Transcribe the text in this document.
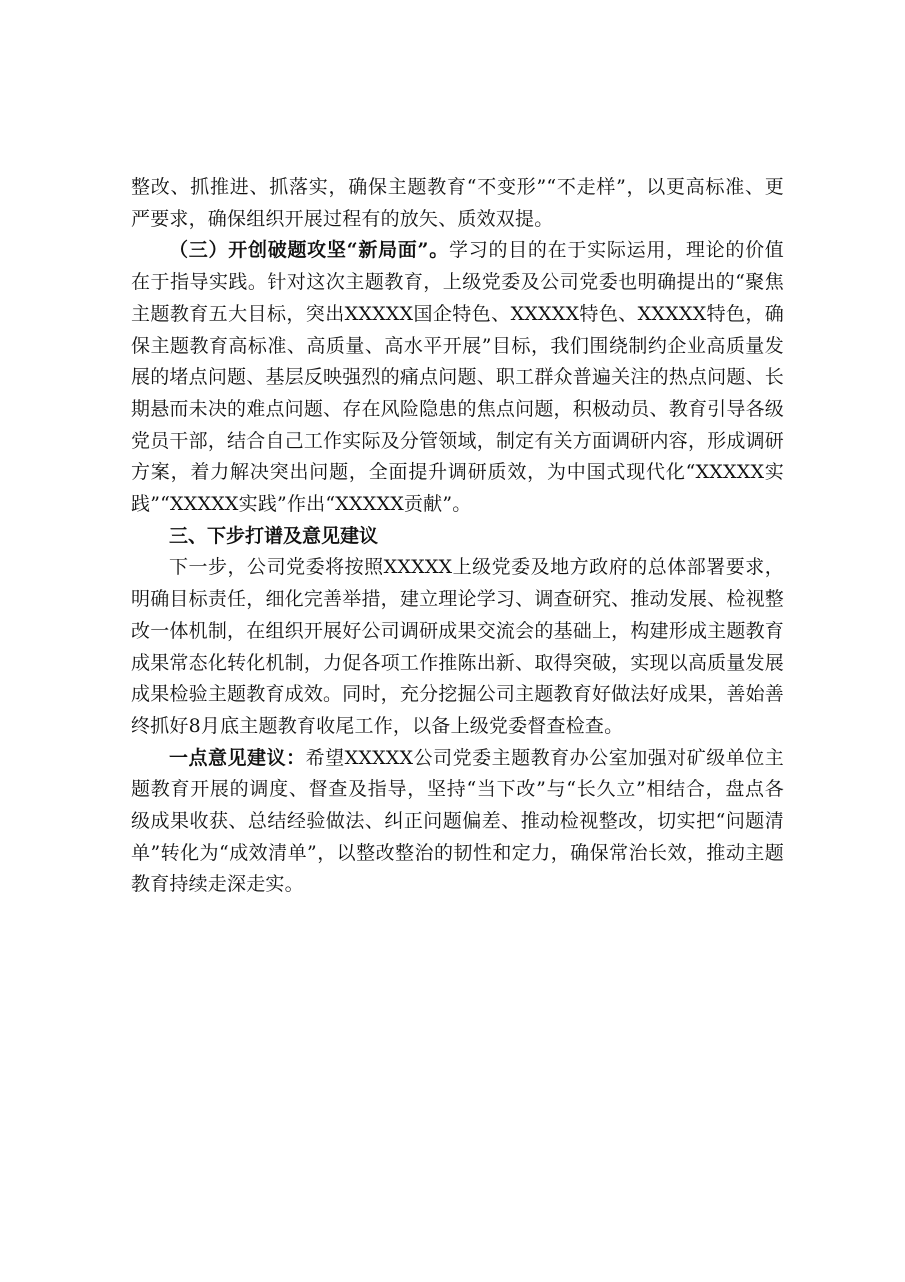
整改、抓推进、抓落实，确保主题教育“不变形”“不走样”，以更高标准、更严要求，确保组织开展过程有的放矢、质效双提。

（三）开创破题攻坚“新局面”。学习的目的在于实际运用，理论的价值在于指导实践。针对这次主题教育，上级党委及公司党委也明确提出的“聚焦主题教育五大目标，突出XXXXX国企特色、XXXXX特色、XXXXX特色，确保主题教育高标准、高质量、高水平开展”目标，我们围绕制约企业高质量发展的堵点问题、基层反映强烈的痛点问题、职工群众普遍关注的热点问题、长期悬而未决的难点问题、存在风险隐患的焦点问题，积极动员、教育引导各级党员干部，结合自己工作实际及分管领域，制定有关方面调研内容，形成调研方案，着力解决突出问题，全面提升调研质效，为中国式现代化“XXXXX实践”“XXXXX实践”作出“XXXXX贡献”。

三、下步打谱及意见建议

下一步，公司党委将按照XXXXX上级党委及地方政府的总体部署要求，明确目标责任，细化完善举措，建立理论学习、调查研究、推动发展、检视整改一体机制，在组织开展好公司调研成果交流会的基础上，构建形成主题教育成果常态化转化机制，力促各项工作推陈出新、取得突破，实现以高质量发展成果检验主题教育成效。同时，充分挖掘公司主题教育好做法好成果，善始善终抓好8月底主题教育收尾工作，以备上级党委督查检查。

一点意见建议：希望XXXXX公司党委主题教育办公室加强对矿级单位主题教育开展的调度、督查及指导，坚持“当下改”与“长久立”相结合，盘点各级成果收获、总结经验做法、纠正问题偏差、推动检视整改，切实把“问题清单”转化为“成效清单”，以整改整治的韧性和定力，确保常治长效，推动主题教育持续走深走实。
